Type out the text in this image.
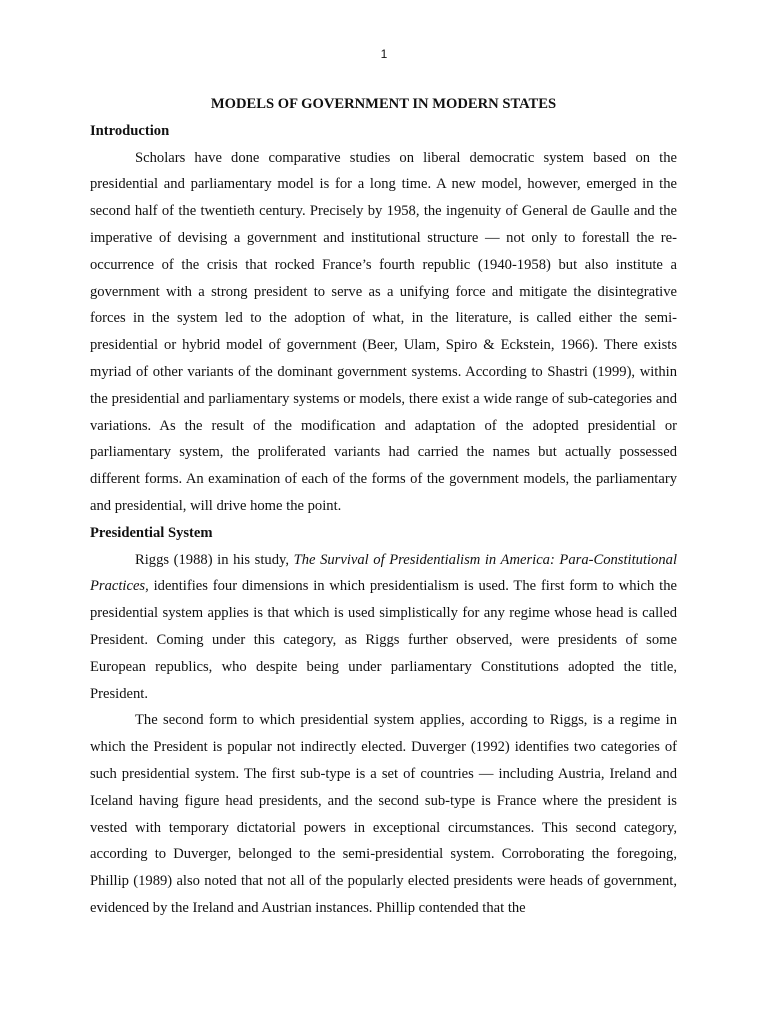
1

MODELS OF GOVERNMENT IN MODERN STATES

Introduction

Scholars have done comparative studies on liberal democratic system based on the presidential and parliamentary model is for a long time. A new model, however, emerged in the second half of the twentieth century. Precisely by 1958, the ingenuity of General de Gaulle and the imperative of devising a government and institutional structure — not only to forestall the re-occurrence of the crisis that rocked France’s fourth republic (1940-1958) but also institute a government with a strong president to serve as a unifying force and mitigate the disintegrative forces in the system led to the adoption of what, in the literature, is called either the semi-presidential or hybrid model of government (Beer, Ulam, Spiro & Eckstein, 1966). There exists myriad of other variants of the dominant government systems. According to Shastri (1999), within the presidential and parliamentary systems or models, there exist a wide range of sub-categories and variations. As the result of the modification and adaptation of the adopted presidential or parliamentary system, the proliferated variants had carried the names but actually possessed different forms. An examination of each of the forms of the government models, the parliamentary and presidential, will drive home the point.

Presidential System

Riggs (1988) in his study, The Survival of Presidentialism in America: Para-Constitutional Practices, identifies four dimensions in which presidentialism is used. The first form to which the presidential system applies is that which is used simplistically for any regime whose head is called President. Coming under this category, as Riggs further observed, were presidents of some European republics, who despite being under parliamentary Constitutions adopted the title, President.

The second form to which presidential system applies, according to Riggs, is a regime in which the President is popular not indirectly elected. Duverger (1992) identifies two categories of such presidential system. The first sub-type is a set of countries — including Austria, Ireland and Iceland having figure head presidents, and the second sub-type is France where the president is vested with temporary dictatorial powers in exceptional circumstances. This second category, according to Duverger, belonged to the semi-presidential system. Corroborating the foregoing, Phillip (1989) also noted that not all of the popularly elected presidents were heads of government, evidenced by the Ireland and Austrian instances. Phillip contended that the
